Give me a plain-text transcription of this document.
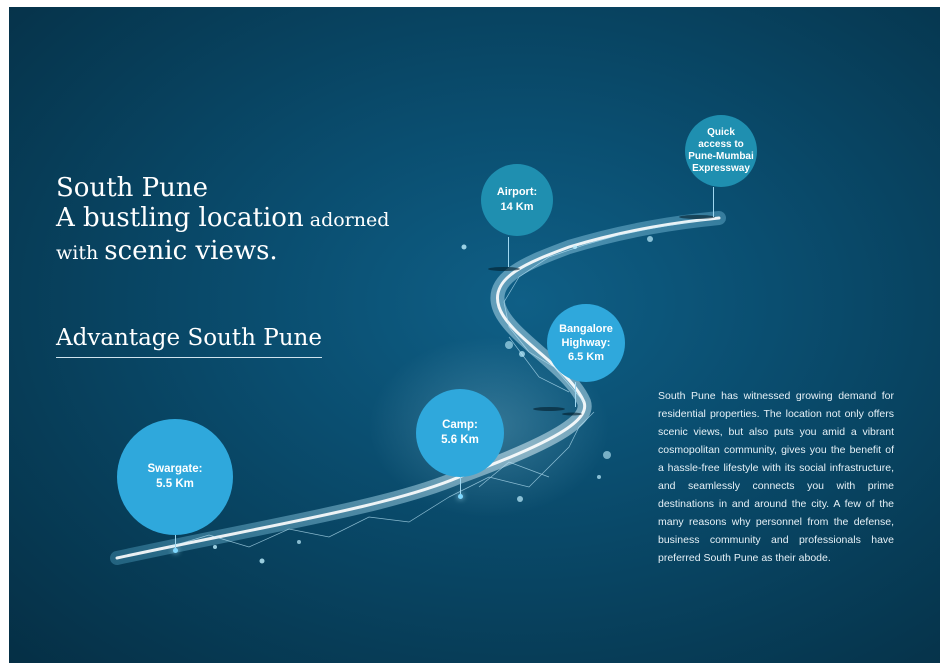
South Pune
A bustling location adorned
with scenic views.
Advantage South Pune
South Pune has witnessed growing demand for residential properties. The location not only offers scenic views, but also puts you amid a vibrant cosmopolitan community, gives you the benefit of a hassle-free lifestyle with its social infrastructure, and seamlessly connects you with prime destinations in and around the city. A few of the many reasons why personnel from the defense, business community and professionals have preferred South Pune as their abode.
Swargate:
5.5 Km
Camp:
5.6 Km
Bangalore
Highway:
6.5 Km
Airport:
14 Km
Quick
access to
Pune-Mumbai
Expressway
